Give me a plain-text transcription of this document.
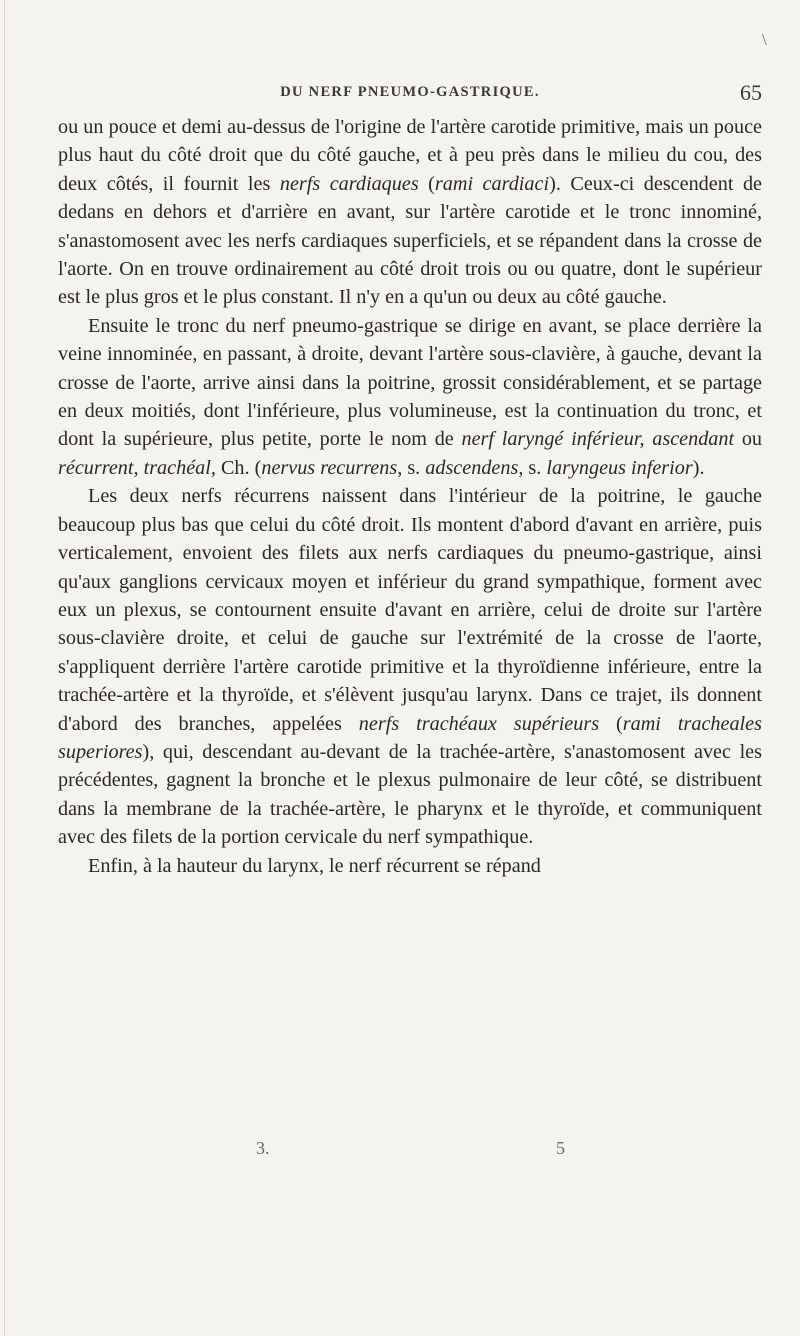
\
DU NERF PNEUMO-GASTRIQUE.	65

ou un pouce et demi au-dessus de l'origine de l'artère carotide primitive, mais un pouce plus haut du côté droit que du côté gauche, et à peu près dans le milieu du cou, des deux côtés, il fournit les nerfs cardiaques (rami cardiaci). Ceux-ci descendent de dedans en dehors et d'arrière en avant, sur l'artère carotide et le tronc innominé, s'anastomosent avec les nerfs cardiaques superficiels, et se répandent dans la crosse de l'aorte. On en trouve ordinairement au côté droit trois ou ou quatre, dont le supérieur est le plus gros et le plus constant. Il n'y en a qu'un ou deux au côté gauche.

Ensuite le tronc du nerf pneumo-gastrique se dirige en avant, se place derrière la veine innominée, en passant, à droite, devant l'artère sous-clavière, à gauche, devant la crosse de l'aorte, arrive ainsi dans la poitrine, grossit considérablement, et se partage en deux moitiés, dont l'inférieure, plus volumineuse, est la continuation du tronc, et dont la supérieure, plus petite, porte le nom de nerf laryngé inférieur, ascendant ou récurrent, trachéal, Ch. (nervus recurrens, s. adscendens, s. laryngeus inferior).

Les deux nerfs récurrens naissent dans l'intérieur de la poitrine, le gauche beaucoup plus bas que celui du côté droit. Ils montent d'abord d'avant en arrière, puis verticalement, envoient des filets aux nerfs cardiaques du pneumo-gastrique, ainsi qu'aux ganglions cervicaux moyen et inférieur du grand sympathique, forment avec eux un plexus, se contournent ensuite d'avant en arrière, celui de droite sur l'artère sous-clavière droite, et celui de gauche sur l'extrémité de la crosse de l'aorte, s'appliquent derrière l'artère carotide primitive et la thyroïdienne inférieure, entre la trachée-artère et la thyroïde, et s'élèvent jusqu'au larynx. Dans ce trajet, ils donnent d'abord des branches, appelées nerfs trachéaux supérieurs (rami tracheales superiores), qui, descendant au-devant de la trachée-artère, s'anastomosent avec les précédentes, gagnent la bronche et le plexus pulmonaire de leur côté, se distribuent dans la membrane de la trachée-artère, le pharynx et le thyroïde, et communiquent avec des filets de la portion cervicale du nerf sympathique.

Enfin, à la hauteur du larynx, le nerf récurrent se répand

3.	5
